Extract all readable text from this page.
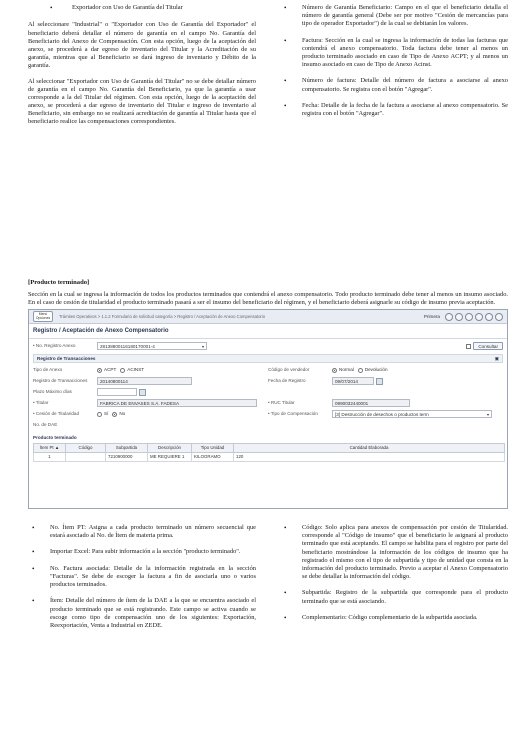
•	Exportador con Uso de Garantía del Titular

Al seleccionare "Industrial" o "Exportador con Uso de Garantía del Exportador" el beneficiario deberá detallar el número de garantía en el campo No. Garantía del Beneficiario del Anexo de Compensación. Con esta opción, luego de la aceptación del anexo, se procederá a dar egreso de inventario del Titular y la Acreditación de su garantía, mientras que al Beneficiario se dará ingreso de inventario y Débito de la garantía.

Al seleccionar "Exportador con Uso de Garantía del Titular" no se debe detallar número de garantía en el campo No. Garantía del Beneficiario, ya que la garantía a usar corresponde a la del Titular del régimen. Con esta opción, luego de la aceptación del anexo, se procederá a dar egreso de inventario del Titular e ingreso de inventario al Beneficiario, sin embargo no se realizará acreditación de garantía al Titular hasta que el beneficiario realice las compensaciones correspondientes.

•	Número de Garantía Beneficiario: Campo en el que el beneficiario detalla el número de garantía general (Debe ser por motivo "Cesión de mercancías para tipo de operador Exportador") de la cual se debitarán los valores.
•	Factura: Sección en la cual se ingresa la información de todas las facturas que contendrá el anexo compensatorio. Toda factura debe tener al menos un producto terminado asociado en caso de Tipo de Anexo ACPT; y al menos un insumo asociado en caso de Tipo de Anexo Acinst.
•	Número de factura: Detalle del número de factura a asociarse al anexo compensatorio. Se registra con el botón "Agregar".
•	Fecha: Detalle de la fecha de la factura a asociarse al anexo compensatorio. Se registra con el botón "Agregar".
[Producto terminado]
Sección en la cual se ingresa la información de todos los productos terminados que contendrá el anexo compensatorio. Todo producto terminado debe tener al menos un insumo asociado. En el caso de cesión de titularidad el producto terminado pasará a ser el insumo del beneficiario del régimen, y el beneficiario deberá asignarle su código de insumo previa aceptación.
Menú Opciones	Trámites Operativos > 1.1.2 Formulario de solicitud categoría > Registro / Aceptación de Anexo Compensatorio	Primera
Registro / Aceptación de Anexo Compensatorio
• No. Registro Anexo	28138800116180170001-4 ▾	Consultar
Registro de Transacciones	▣
Tipo de Anexo	ACPT	ACINST	Código de vendedor	Normal	Devolución
Registro de Transacciones	20140800114	Fecha de Registro	09/07/2014
Plazo Máximo días
• Titular	FABRICA DE ENVASES S.A. FADESA	• RUC Titular	0990032440001
• Cesión de Titularidad	Sí	No	• Tipo de Compensación	[3] Destrucción de desechos o productos term ▾
No. de DAE
Producto terminado
Ítem Pt ▲	Código	Subpartida	Descripción	Tipo Unidad	Cantidad Elaborada
1		7210900000	ME REQUIERE 1	KILOGRAMO	120
•	No. Ítem PT: Asigna a cada producto terminado un número secuencial que estará asociado al No. de Ítem de materia prima.
•	Importar Excel: Para subir información a la sección "producto terminado".
•	No. Factura asociada: Detalle de la información registrada en la sección "Facturas". Se debe de escoger la factura a fin de asociarla uno o varios productos terminados.
•	Ítem: Detalle del número de ítem de la DAE a la que se encuentra asociado el producto terminado que se está registrando. Este campo se activa cuando se escoge como tipo de compensación uno de los siguientes: Exportación, Reexportación, Venta a Industrial en ZEDE.
•	Código: Solo aplica para anexos de compensación por cesión de Titularidad. corresponde al "Código de insumo" que el beneficiario le asignará al producto terminado que está aceptando. El campo se habilita para el registro por parte del beneficiario mostrándose la información de los códigos de insumo que ha registrado el mismo con el tipo de subpartida y tipo de unidad que consta en la información del producto terminado. Previo a aceptar el Anexo Compensatorio se debe detallar la información del código.
•	Subpartida: Registro de la subpartida que corresponde para el producto terminado que se está asociando.
•	Complementario: Código complementario de la subpartida asociada.
